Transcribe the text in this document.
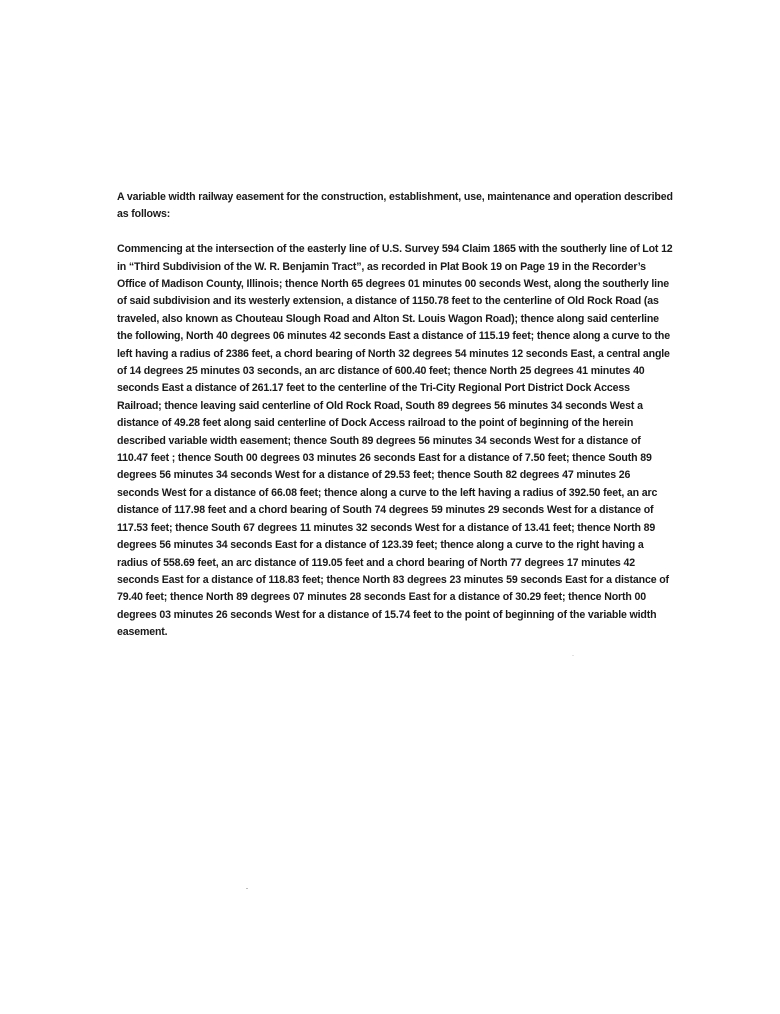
A variable width railway easement for the construction, establishment, use, maintenance and operation described as follows:

Commencing at the intersection of the easterly line of U.S. Survey 594 Claim 1865 with the southerly line of Lot 12 in “Third Subdivision of the W. R. Benjamin Tract”, as recorded in Plat Book 19 on Page 19 in the Recorder’s Office of Madison County, Illinois; thence North 65 degrees 01 minutes 00 seconds West, along the southerly line of said subdivision and its westerly extension, a distance of 1150.78 feet to the centerline of Old Rock Road (as traveled, also known as Chouteau Slough Road and Alton St. Louis Wagon Road); thence along said centerline the following, North 40 degrees 06 minutes 42 seconds East a distance of 115.19 feet; thence along a curve to the left having a radius of 2386 feet, a chord bearing of North 32 degrees 54 minutes 12 seconds East, a central angle of 14 degrees 25 minutes 03 seconds, an arc distance of 600.40 feet; thence North 25 degrees 41 minutes 40 seconds East a distance of 261.17 feet to the centerline of the Tri-City Regional Port District Dock Access Railroad; thence leaving said centerline of Old Rock Road, South 89 degrees 56 minutes 34 seconds West a distance of 49.28 feet along said centerline of Dock Access railroad to the point of beginning of the herein described variable width easement; thence South 89 degrees 56 minutes 34 seconds West for a distance of 110.47 feet ; thence South 00 degrees 03 minutes 26 seconds East for a distance of 7.50 feet; thence South 89 degrees 56 minutes 34 seconds West for a distance of 29.53 feet; thence South 82 degrees 47 minutes 26 seconds West for a distance of 66.08 feet; thence along a curve to the left having a radius of 392.50 feet, an arc distance of 117.98 feet and a chord bearing of South 74 degrees 59 minutes 29 seconds West for a distance of 117.53 feet; thence South 67 degrees 11 minutes 32 seconds West for a distance of 13.41 feet; thence North 89 degrees 56 minutes 34 seconds East for a distance of 123.39 feet; thence along a curve to the right having a radius of 558.69 feet, an arc distance of 119.05 feet and a chord bearing of North 77 degrees 17 minutes 42 seconds East for a distance of 118.83 feet; thence North 83 degrees 23 minutes 59 seconds East for a distance of 79.40 feet; thence North 89 degrees 07 minutes 28 seconds East for a distance of 30.29 feet; thence North 00 degrees 03 minutes 26 seconds West for a distance of 15.74 feet to the point of beginning of the variable width easement.
